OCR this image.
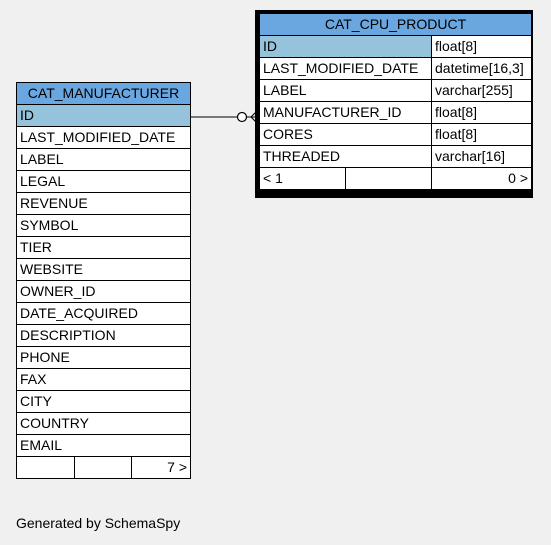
CAT_MANUFACTURER
ID
LAST_MODIFIED_DATE
LABEL
LEGAL
REVENUE
SYMBOL
TIER
WEBSITE
OWNER_ID
DATE_ACQUIRED
DESCRIPTION
PHONE
FAX
CITY
COUNTRY
EMAIL
		7 >
CAT_CPU_PRODUCT		
ID		float[8]
LAST_MODIFIED_DATE		datetime[16,3]
LABEL		varchar[255]
MANUFACTURER_ID		float[8]
CORES		float[8]
THREADED		varchar[16]
< 1		0 >
Generated by SchemaSpy
